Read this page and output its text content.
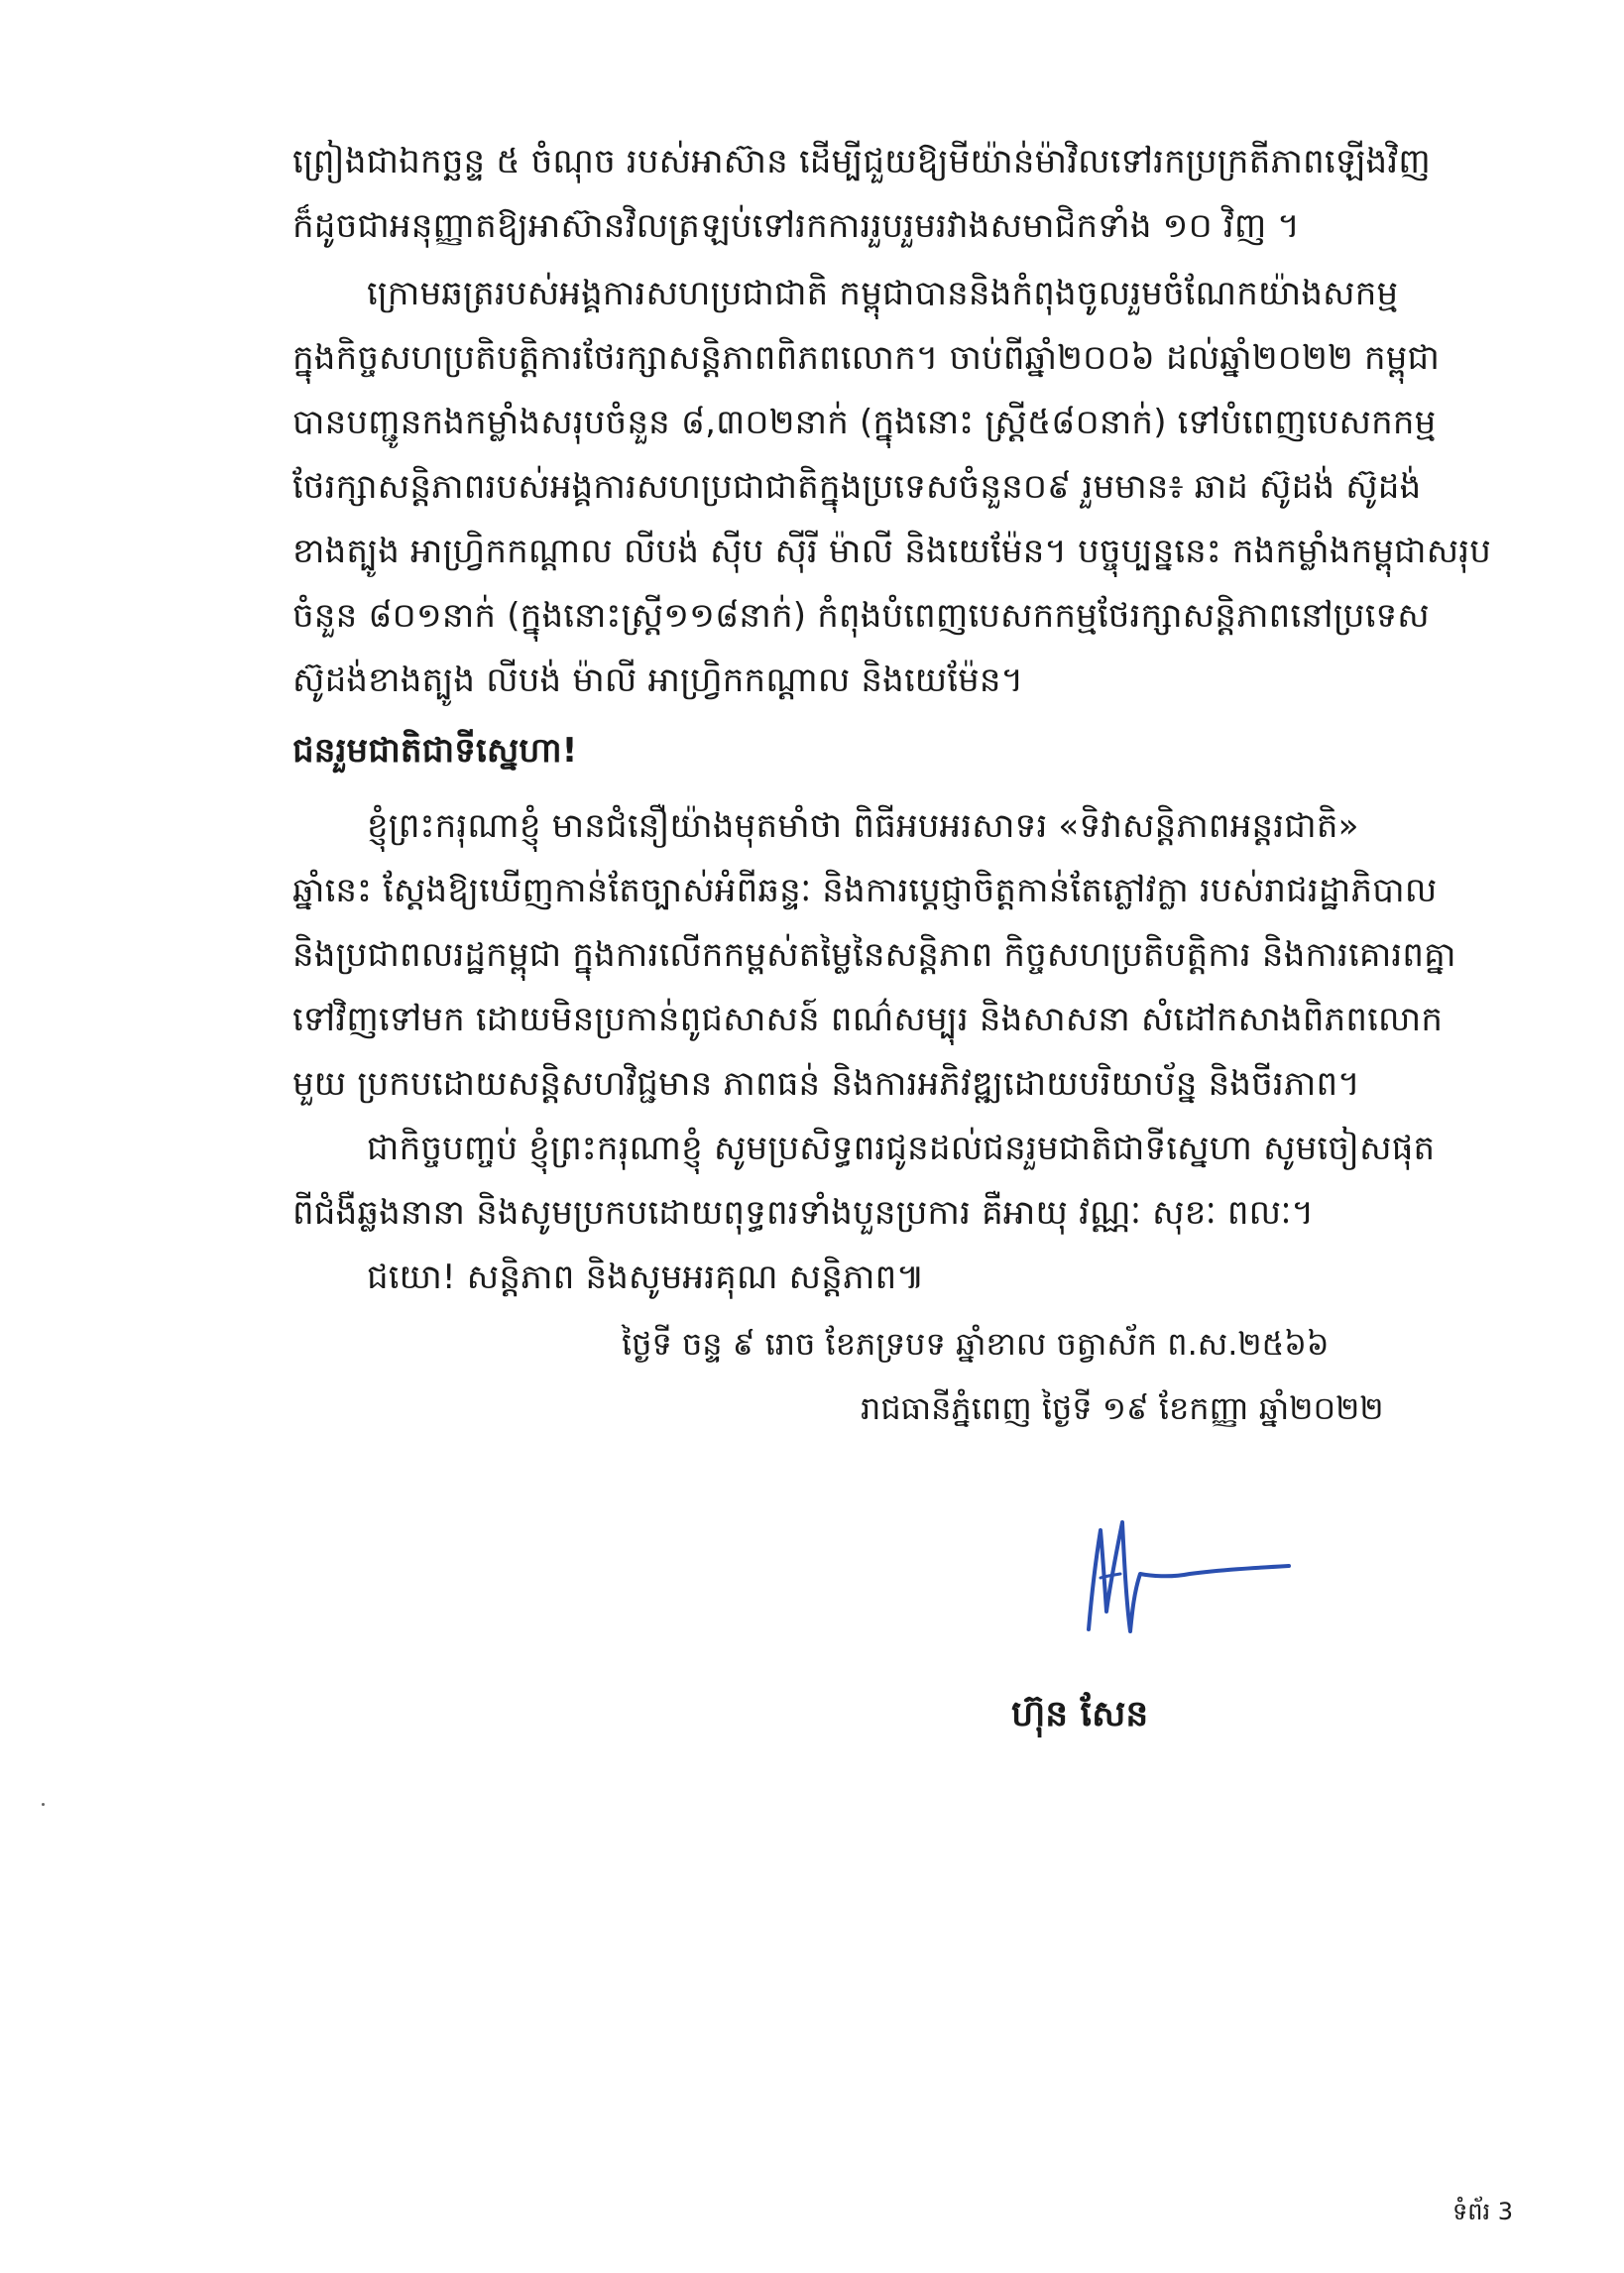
ព្រៀងជាឯកច្ឆន្ទ ៥ ចំណុច របស់អាស៊ាន ដើម្បីជួយឱ្យមីយ៉ាន់ម៉ាវិលទៅរកប្រក្រតីភាពឡើងវិញ
ក៏ដូចជាអនុញ្ញាតឱ្យអាស៊ានវិលត្រឡប់ទៅរកការរួបរួមរវាងសមាជិកទាំង ១០ វិញ ។
ក្រោមឆត្ររបស់អង្គការសហប្រជាជាតិ កម្ពុជាបាននិងកំពុងចូលរួមចំណែកយ៉ាងសកម្ម
ក្នុងកិច្ចសហប្រតិបត្តិការថែរក្សាសន្តិភាពពិភពលោក។ ចាប់ពីឆ្នាំ២០០៦ ដល់ឆ្នាំ២០២២ កម្ពុជា
បានបញ្ជូនកងកម្លាំងសរុបចំនួន ៨,៣០២នាក់ (ក្នុងនោះ ស្ត្រី៥៨០នាក់) ទៅបំពេញបេសកកម្ម
ថែរក្សាសន្តិភាពរបស់អង្គការសហប្រជាជាតិក្នុងប្រទេសចំនួន០៩ រួមមាន៖ ឆាដ ស៊ូដង់ ស៊ូដង់
ខាងត្បូង អាហ្វ្រិកកណ្តាល លីបង់ ស៊ីប ស៊ីរី ម៉ាលី និងយេម៉ែន។ បច្ចុប្បន្ននេះ កងកម្លាំងកម្ពុជាសរុប
ចំនួន ៨០១នាក់ (ក្នុងនោះស្ត្រី១១៨នាក់) កំពុងបំពេញបេសកកម្មថែរក្សាសន្តិភាពនៅប្រទេស
ស៊ូដង់ខាងត្បូង លីបង់ ម៉ាលី អាហ្វ្រិកកណ្តាល និងយេម៉ែន។
ជនរួមជាតិជាទីស្នេហា!
ខ្ញុំព្រះករុណាខ្ញុំ មានជំនឿយ៉ាងមុតមាំថា ពិធីអបអរសាទរ «ទិវាសន្តិភាពអន្តរជាតិ»
ឆ្នាំនេះ ស្តែងឱ្យឃើញកាន់តែច្បាស់អំពីឆន្ទៈ និងការប្តេជ្ញាចិត្តកាន់តែភ្លៅវក្លា របស់រាជរដ្ឋាភិបាល
និងប្រជាពលរដ្ឋកម្ពុជា ក្នុងការលើកកម្ពស់តម្លៃនៃសន្តិភាព កិច្ចសហប្រតិបត្តិការ និងការគោរពគ្នា
ទៅវិញទៅមក ដោយមិនប្រកាន់ពូជសាសន៍ ពណ៌សម្បុរ និងសាសនា សំដៅកសាងពិភពលោក
មួយ ប្រកបដោយសន្តិសហវិជ្ជមាន ភាពធន់ និងការអភិវឌ្ឍដោយបរិយាប័ន្ន និងចីរភាព។
ជាកិច្ចបញ្ចប់ ខ្ញុំព្រះករុណាខ្ញុំ សូមប្រសិទ្ធពរជូនដល់ជនរួមជាតិជាទីស្នេហា សូមចៀសផុត
ពីជំងឺឆ្លងនានា និងសូមប្រកបដោយពុទ្ធពរទាំងបួនប្រការ គឺអាយុ វណ្ណៈ សុខៈ ពលៈ។
ជយោ! សន្តិភាព និងសូមអរគុណ សន្តិភាព៕
ថ្ងៃទី ចន្ទ ៩ រោច ខែភទ្របទ ឆ្នាំខាល ចត្វាស័ក ព.ស.២៥៦៦
រាជធានីភ្នំពេញ ថ្ងៃទី ១៩ ខែកញ្ញា ឆ្នាំ២០២២
ហ៊ុន សែន
ទំព័រ 3
